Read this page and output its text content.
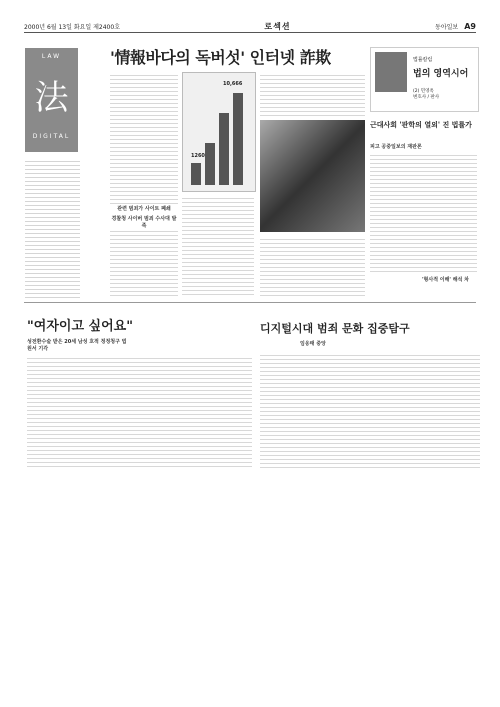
2000년 6월 13일 화요일 제2400호	로섹션	동아일보 A9
LAW
法
DIGITAL
'情報바다의 독버섯' 인터넷 詐欺
관련 범죄가 사이트 폐쇄
경찰청 사이버 범죄 수사대 발족
10,666
1260
법률칼럼
법의 영역시어
(2) 민영옥
변호사 / 판사
근대사회 '판학의 열외' 진 법률가
피고 공중일보의 재판론
'형사적 이해' 해석 차
"여자이고 싶어요"
성전환수술 받은 20세 남성 호적 정정청구 법원서 기각
디지털시대 범죄 문화 집중탐구
임응태 중앙
